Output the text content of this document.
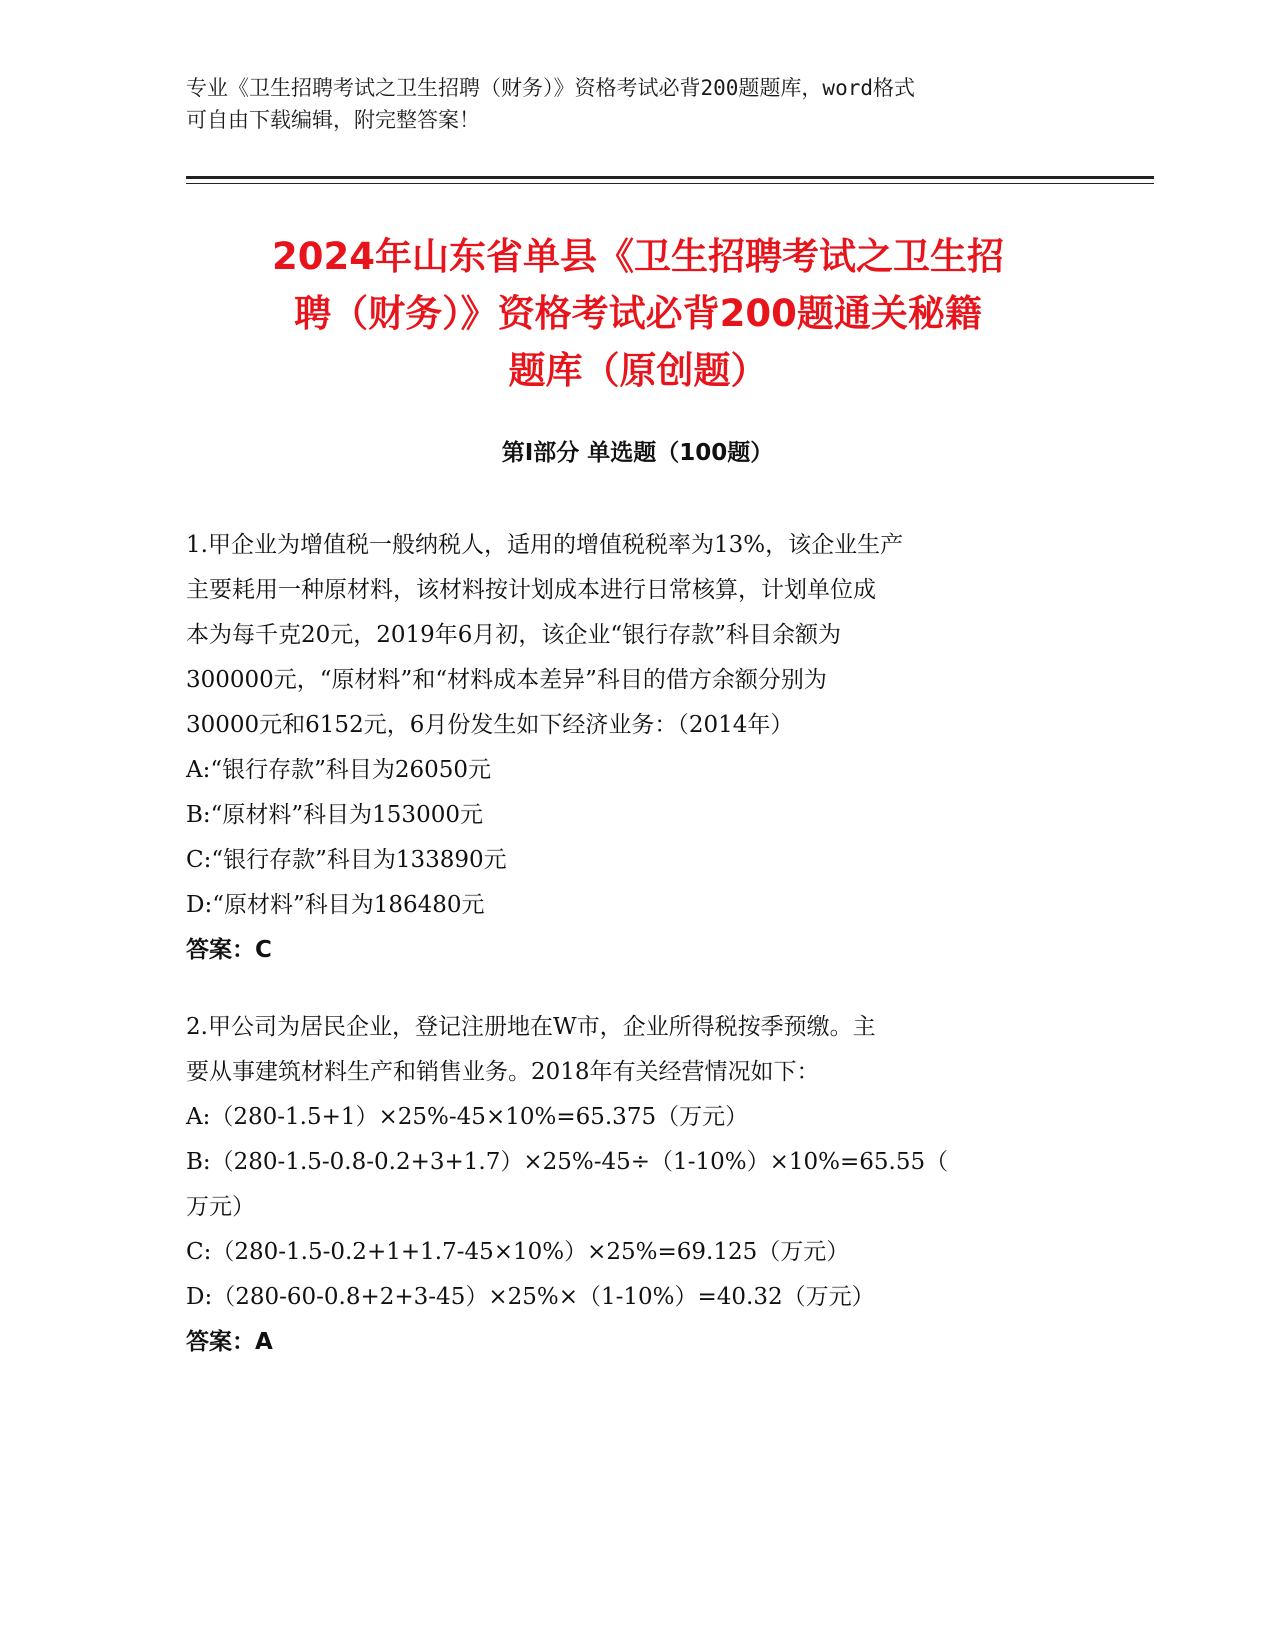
专业《卫生招聘考试之卫生招聘（财务）》资格考试必背200题题库，word格式
可自由下载编辑，附完整答案！
2024年山东省单县《卫生招聘考试之卫生招
聘（财务）》资格考试必背200题通关秘籍
题库（原创题）
第Ⅰ部分 单选题（100题）
1.甲企业为增值税一般纳税人，适用的增值税税率为13%，该企业生产
主要耗用一种原材料，该材料按计划成本进行日常核算，计划单位成
本为每千克20元，2019年6月初，该企业“银行存款”科目余额为
300000元，“原材料”和“材料成本差异”科目的借方余额分别为
30000元和6152元，6月份发生如下经济业务：（2014年）
A:“银行存款”科目为26050元
B:“原材料”科目为153000元
C:“银行存款”科目为133890元
D:“原材料”科目为186480元
答案：C
2.甲公司为居民企业，登记注册地在W市，企业所得税按季预缴。主
要从事建筑材料生产和销售业务。2018年有关经营情况如下：
A:（280-1.5+1）×25%-45×10%=65.375（万元）
B:（280-1.5-0.8-0.2+3+1.7）×25%-45÷（1-10%）×10%=65.55（
万元）
C:（280-1.5-0.2+1+1.7-45×10%）×25%=69.125（万元）
D:（280-60-0.8+2+3-45）×25%×（1-10%）=40.32（万元）
答案：A
